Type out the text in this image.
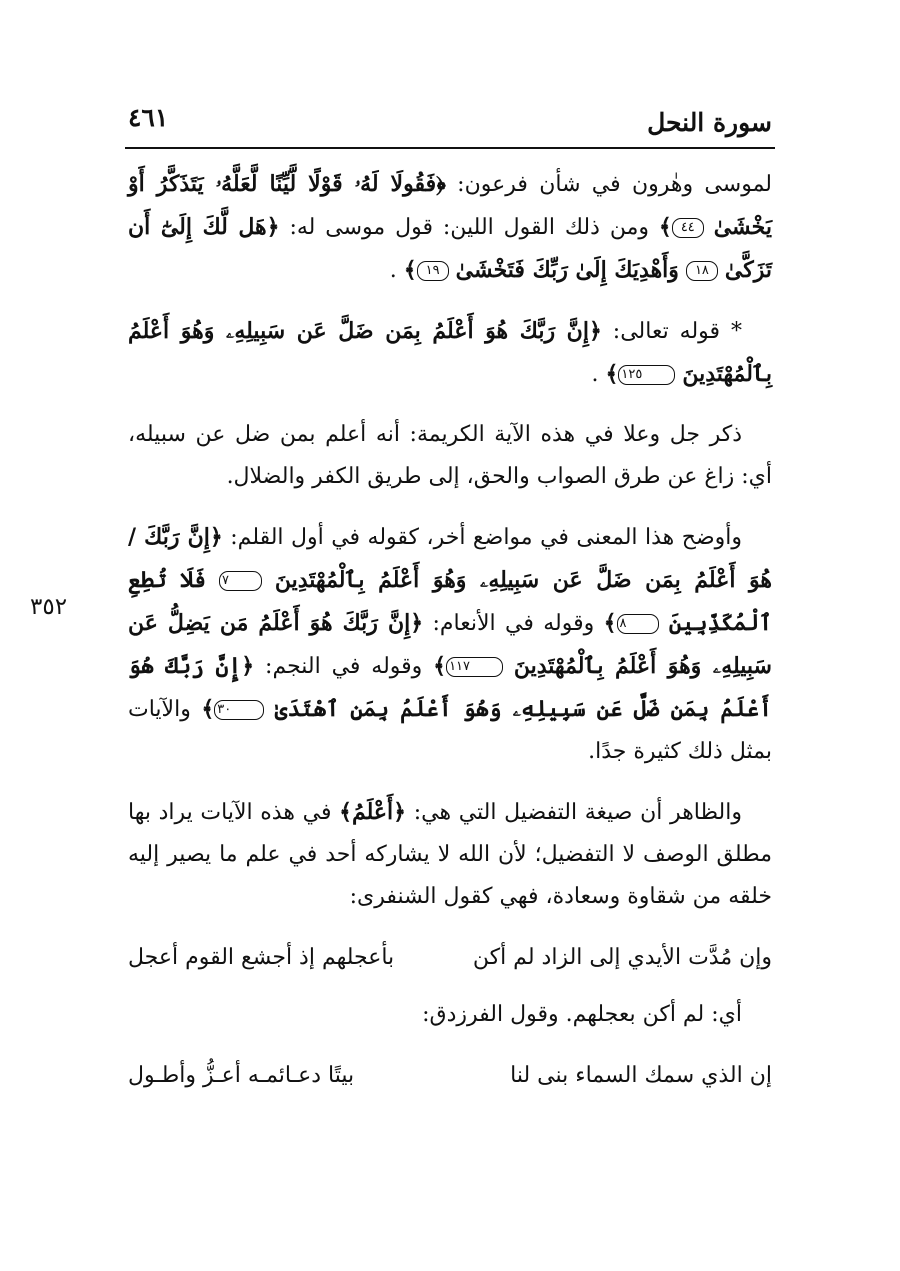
سورة النحل
٤٦١
٣٥٢

لموسى وهٰرون في شأن فرعون: ﴿فَقُولَا لَهُۥ قَوْلًا لَّيِّنًا لَّعَلَّهُۥ يَتَذَكَّرُ أَوْ يَخْشَىٰ ٤٤﴾ ومن ذلك القول اللين: قول موسى له: ﴿هَل لَّكَ إِلَىٰٓ أَن تَزَكَّىٰ ١٨ وَأَهْدِيَكَ إِلَىٰ رَبِّكَ فَتَخْشَىٰ ١٩﴾ .

* قوله تعالى: ﴿إِنَّ رَبَّكَ هُوَ أَعْلَمُ بِمَن ضَلَّ عَن سَبِيلِهِۦ وَهُوَ أَعْلَمُ بِٱلْمُهْتَدِينَ ١٢٥﴾ .

ذكر جل وعلا في هذه الآية الكريمة: أنه أعلم بمن ضل عن سبيله، أي: زاغ عن طرق الصواب والحق، إلى طريق الكفر والضلال.

وأوضح هذا المعنى في مواضع أخر، كقوله في أول القلم: ﴿إِنَّ رَبَّكَ / هُوَ أَعْلَمُ بِمَن ضَلَّ عَن سَبِيلِهِۦ وَهُوَ أَعْلَمُ بِٱلْمُهْتَدِينَ ٧ فَلَا تُطِعِ ٱلْمُكَذِّبِينَ ٨﴾ وقوله في الأنعام: ﴿إِنَّ رَبَّكَ هُوَ أَعْلَمُ مَن يَضِلُّ عَن سَبِيلِهِۦ وَهُوَ أَعْلَمُ بِٱلْمُهْتَدِينَ ١١٧﴾ وقوله في النجم: ﴿إِنَّ رَبَّكَ هُوَ أَعْلَمُ بِمَن ضَلَّ عَن سَبِيلِهِۦ وَهُوَ أَعْلَمُ بِمَنِ ٱهْتَدَىٰ ٣٠﴾ والآيات بمثل ذلك كثيرة جدًا.

والظاهر أن صيغة التفضيل التي هي: ﴿أَعْلَمُ﴾ في هذه الآيات يراد بها مطلق الوصف لا التفضيل؛ لأن الله لا يشاركه أحد في علم ما يصير إليه خلقه من شقاوة وسعادة، فهي كقول الشنفرى:

وإن مُدَّت الأيدي إلى الزاد لم أكن
بأعجلهم إذ أجشع القوم أعجل

أي: لم أكن بعجلهم. وقول الفرزدق:

إن الذي سمك السماء بنى لنا
بيتًا دعـائمـه أعـزُّ وأطـول
